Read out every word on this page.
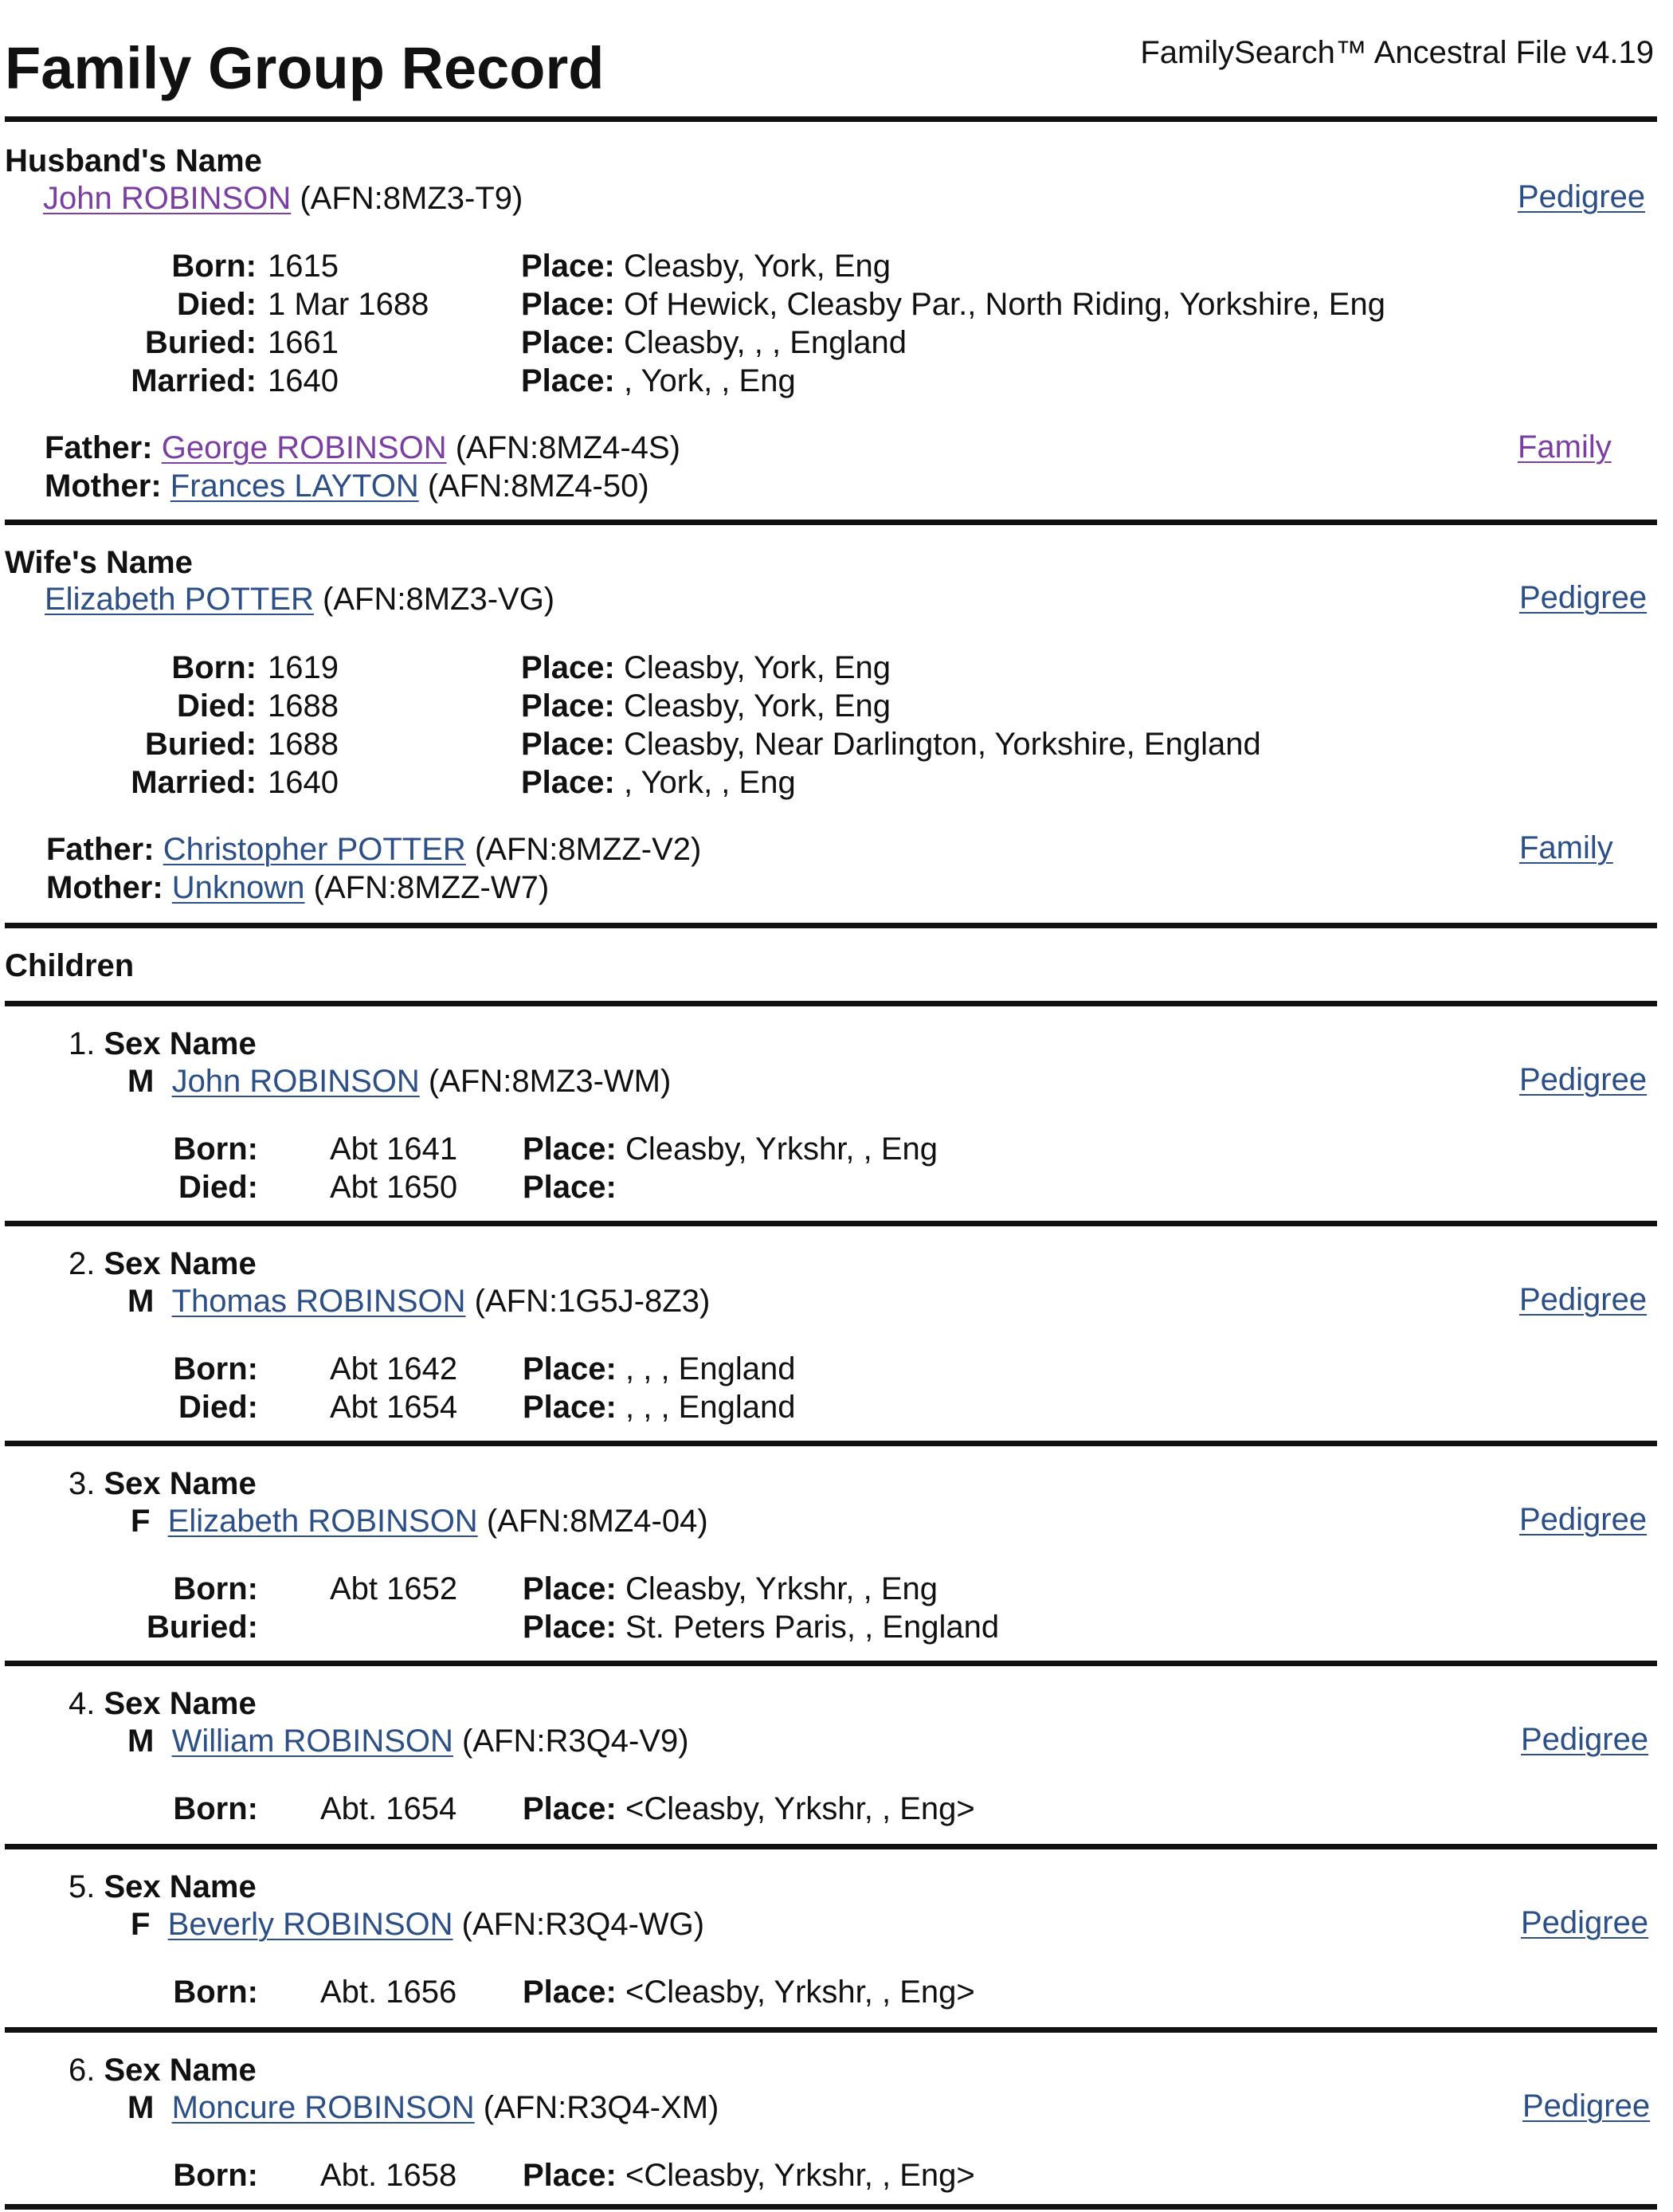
Family Group Record	FamilySearch™ Ancestral File v4.19
Husband's Name
John ROBINSON (AFN:8MZ3-T9)	Pedigree
Born: 1615	Place: Cleasby, York, Eng
Died: 1 Mar 1688	Place: Of Hewick, Cleasby Par., North Riding, Yorkshire, Eng
Buried: 1661	Place: Cleasby, , , England
Married: 1640	Place: , York, , Eng
Father: George ROBINSON (AFN:8MZ4-4S)
Mother: Frances LAYTON (AFN:8MZ4-50)
Family
Wife's Name
Elizabeth POTTER (AFN:8MZ3-VG)	Pedigree
Born: 1619	Place: Cleasby, York, Eng
Died: 1688	Place: Cleasby, York, Eng
Buried: 1688	Place: Cleasby, Near Darlington, Yorkshire, England
Married: 1640	Place: , York, , Eng
Father: Christopher POTTER (AFN:8MZZ-V2)
Mother: Unknown (AFN:8MZZ-W7)
Family
Children
1. Sex Name
M John ROBINSON (AFN:8MZ3-WM)	Pedigree
Born: Abt 1641 Place: Cleasby, Yrkshr, , Eng
Died: Abt 1650 Place:
2. Sex Name
M Thomas ROBINSON (AFN:1G5J-8Z3)	Pedigree
Born: Abt 1642 Place: , , , England
Died: Abt 1654 Place: , , , England
3. Sex Name
F Elizabeth ROBINSON (AFN:8MZ4-04)	Pedigree
Born: Abt 1652 Place: Cleasby, Yrkshr, , Eng
Buried:	Place: St. Peters Paris, , England
4. Sex Name
M William ROBINSON (AFN:R3Q4-V9)	Pedigree
Born: Abt. 1654 Place: <Cleasby, Yrkshr, , Eng>
5. Sex Name
F Beverly ROBINSON (AFN:R3Q4-WG)	Pedigree
Born: Abt. 1656 Place: <Cleasby, Yrkshr, , Eng>
6. Sex Name
M Moncure ROBINSON (AFN:R3Q4-XM)	Pedigree
Born: Abt. 1658 Place: <Cleasby, Yrkshr, , Eng>
